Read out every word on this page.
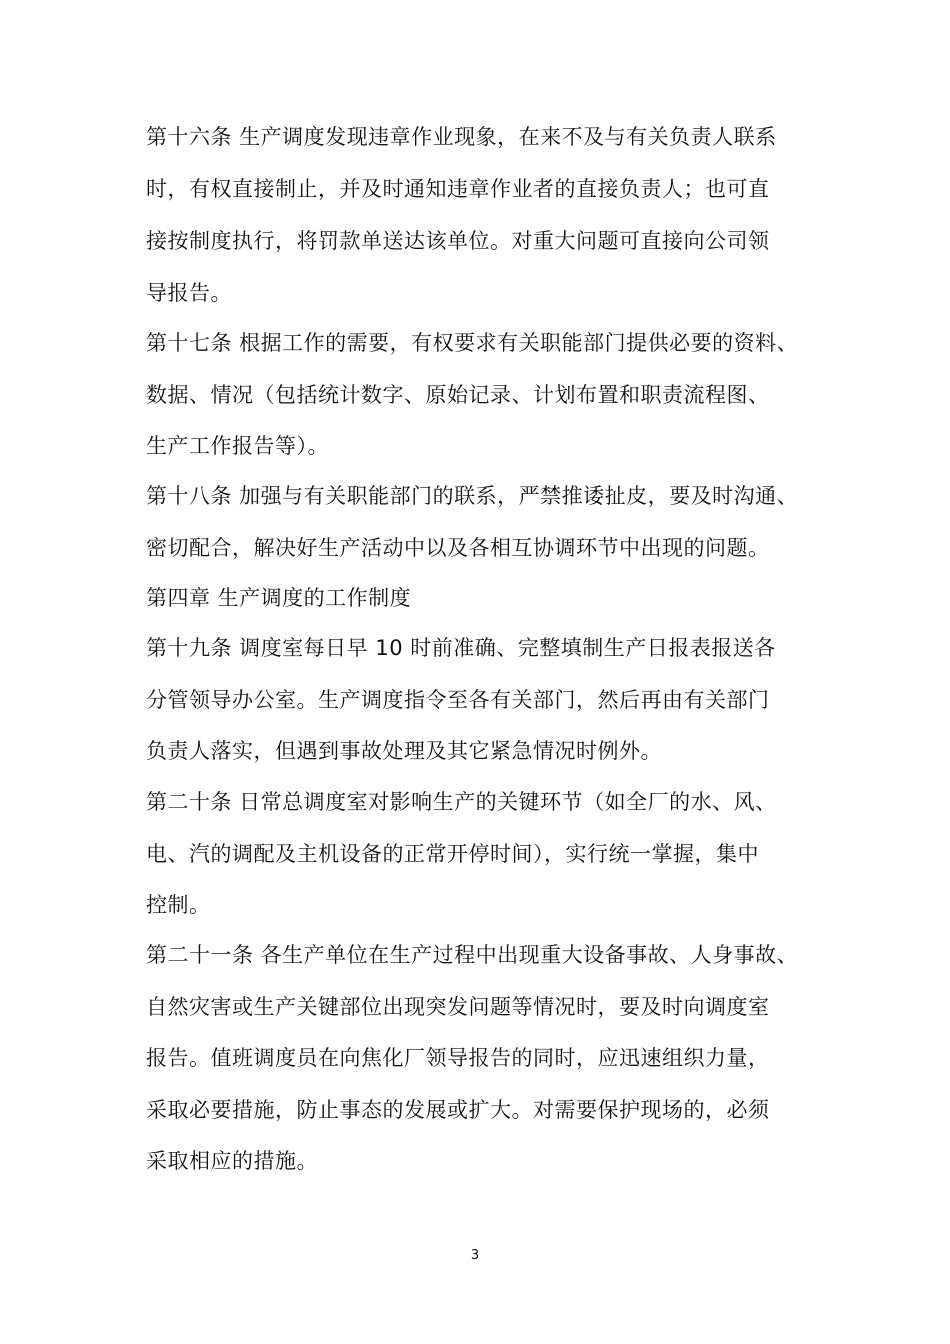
第十六条 生产调度发现违章作业现象，在来不及与有关负责人联系
时，有权直接制止，并及时通知违章作业者的直接负责人；也可直
接按制度执行，将罚款单送达该单位。对重大问题可直接向公司领
导报告。
第十七条 根据工作的需要，有权要求有关职能部门提供必要的资料、
数据、情况（包括统计数字、原始记录、计划布置和职责流程图、
生产工作报告等）。
第十八条 加强与有关职能部门的联系，严禁推诿扯皮，要及时沟通、
密切配合，解决好生产活动中以及各相互协调环节中出现的问题。
第四章 生产调度的工作制度
第十九条 调度室每日早 10 时前准确、完整填制生产日报表报送各
分管领导办公室。生产调度指令至各有关部门，然后再由有关部门
负责人落实，但遇到事故处理及其它紧急情况时例外。
第二十条 日常总调度室对影响生产的关键环节（如全厂的水、风、
电、汽的调配及主机设备的正常开停时间），实行统一掌握，集中
控制。
第二十一条 各生产单位在生产过程中出现重大设备事故、人身事故、
自然灾害或生产关键部位出现突发问题等情况时，要及时向调度室
报告。值班调度员在向焦化厂领导报告的同时，应迅速组织力量，
采取必要措施，防止事态的发展或扩大。对需要保护现场的，必须
采取相应的措施。
3
